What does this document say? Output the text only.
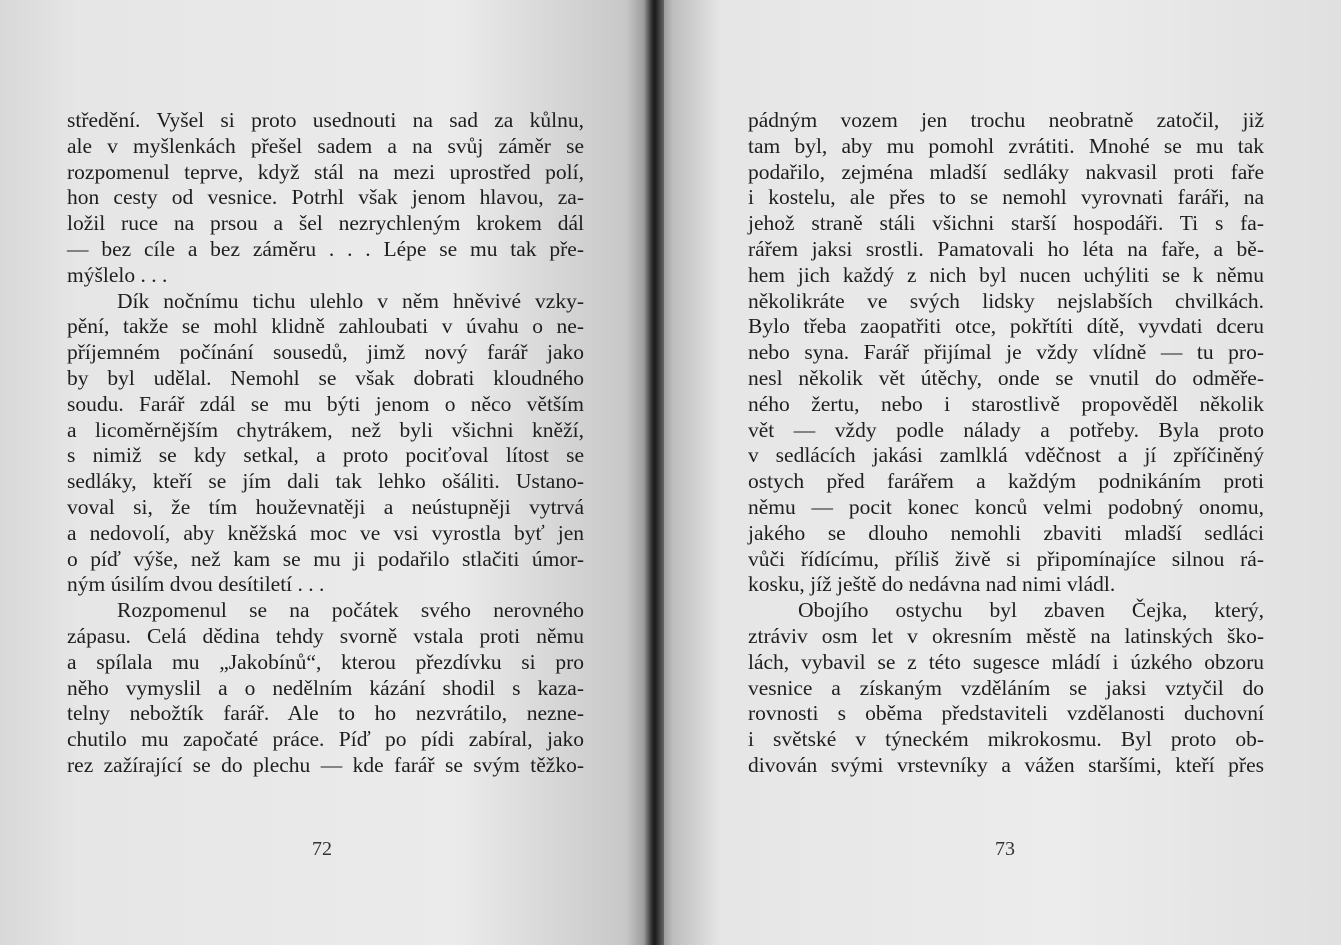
středění. Vyšel si proto usednouti na sad za kůlnu,

ale v myšlenkách přešel sadem a na svůj záměr se

rozpomenul teprve, když stál na mezi uprostřed polí,

hon cesty od vesnice. Potrhl však jenom hlavou, za-

ložil ruce na prsou a šel nezrychleným krokem dál

— bez cíle a bez záměru . . . Lépe se mu tak pře-

mýšlelo . . .

Dík nočnímu tichu ulehlo v něm hněvivé vzky-

pění, takže se mohl klidně zahloubati v úvahu o ne-

příjemném počínání sousedů, jimž nový farář jako

by byl udělal. Nemohl se však dobrati kloudného

soudu. Farář zdál se mu býti jenom o něco větším

a licoměrnějším chytrákem, než byli všichni kněží,

s nimiž se kdy setkal, a proto pociťoval lítost se

sedláky, kteří se jím dali tak lehko ošáliti. Ustano-

voval si, že tím houževnatěji a neústupněji vytrvá

a nedovolí, aby kněžská moc ve vsi vyrostla byť jen

o píď výše, než kam se mu ji podařilo stlačiti úmor-

ným úsilím dvou desítiletí . . .

Rozpomenul se na počátek svého nerovného

zápasu. Celá dědina tehdy svorně vstala proti němu

a spílala mu „Jakobínů“, kterou přezdívku si pro

něho vymyslil a o nedělním kázání shodil s kaza-

telny nebožtík farář. Ale to ho nezvrátilo, nezne-

chutilo mu započaté práce. Píď po pídi zabíral, jako

rez zažírající se do plechu — kde farář se svým těžko-

72

pádným vozem jen trochu neobratně zatočil, již

tam byl, aby mu pomohl zvrátiti. Mnohé se mu tak

podařilo, zejména mladší sedláky nakvasil proti faře

i kostelu, ale přes to se nemohl vyrovnati faráři, na

jehož straně stáli všichni starší hospodáři. Ti s fa-

rářem jaksi srostli. Pamatovali ho léta na faře, a bě-

hem jich každý z nich byl nucen uchýliti se k němu

několikráte ve svých lidsky nejslabších chvilkách.

Bylo třeba zaopatřiti otce, pokřtíti dítě, vyvdati dceru

nebo syna. Farář přijímal je vždy vlídně — tu pro-

nesl několik vět útěchy, onde se vnutil do odměře-

ného žertu, nebo i starostlivě propověděl několik

vět — vždy podle nálady a potřeby. Byla proto

v sedlácích jakási zamlklá vděčnost a jí zpříčiněný

ostych před farářem a každým podnikáním proti

němu — pocit konec konců velmi podobný onomu,

jakého se dlouho nemohli zbaviti mladší sedláci

vůči řídícímu, příliš živě si připomínajíce silnou rá-

kosku, jíž ještě do nedávna nad nimi vládl.

Obojího ostychu byl zbaven Čejka, který,

ztráviv osm let v okresním městě na latinských ško-

lách, vybavil se z této sugesce mládí i úzkého obzoru

vesnice a získaným vzděláním se jaksi vztyčil do

rovnosti s oběma představiteli vzdělanosti duchovní

i světské v týneckém mikrokosmu. Byl proto ob-

divován svými vrstevníky a vážen staršími, kteří přes

73
